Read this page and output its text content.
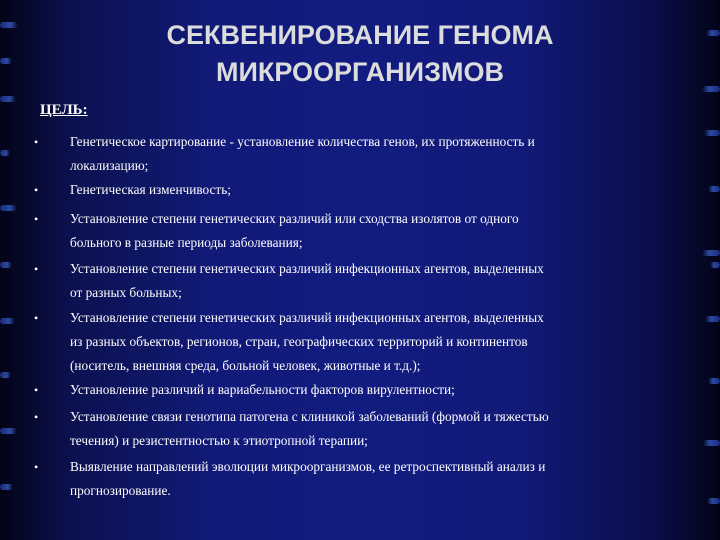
СЕКВЕНИРОВАНИЕ ГЕНОМА
МИКРООРГАНИЗМОВ
ЦЕЛЬ:
• Генетическое картирование - установление количества генов, их протяженность и
локализацию;
• Генетическая изменчивость;
• Установление степени генетических различий или сходства изолятов от одного
больного в разные периоды заболевания;
• Установление степени генетических различий инфекционных агентов, выделенных
от разных больных;
• Установление степени генетических различий инфекционных агентов, выделенных
из разных объектов, регионов, стран, географических территорий и континентов
(носитель, внешняя среда, больной человек, животные и т.д.);
• Установление различий и вариабельности факторов вирулентности;
• Установление связи генотипа патогена с клиникой заболеваний (формой и тяжестью
течения) и резистентностью к этиотропной терапии;
• Выявление направлений эволюции микроорганизмов, ее ретроспективный анализ и
прогнозирование.
